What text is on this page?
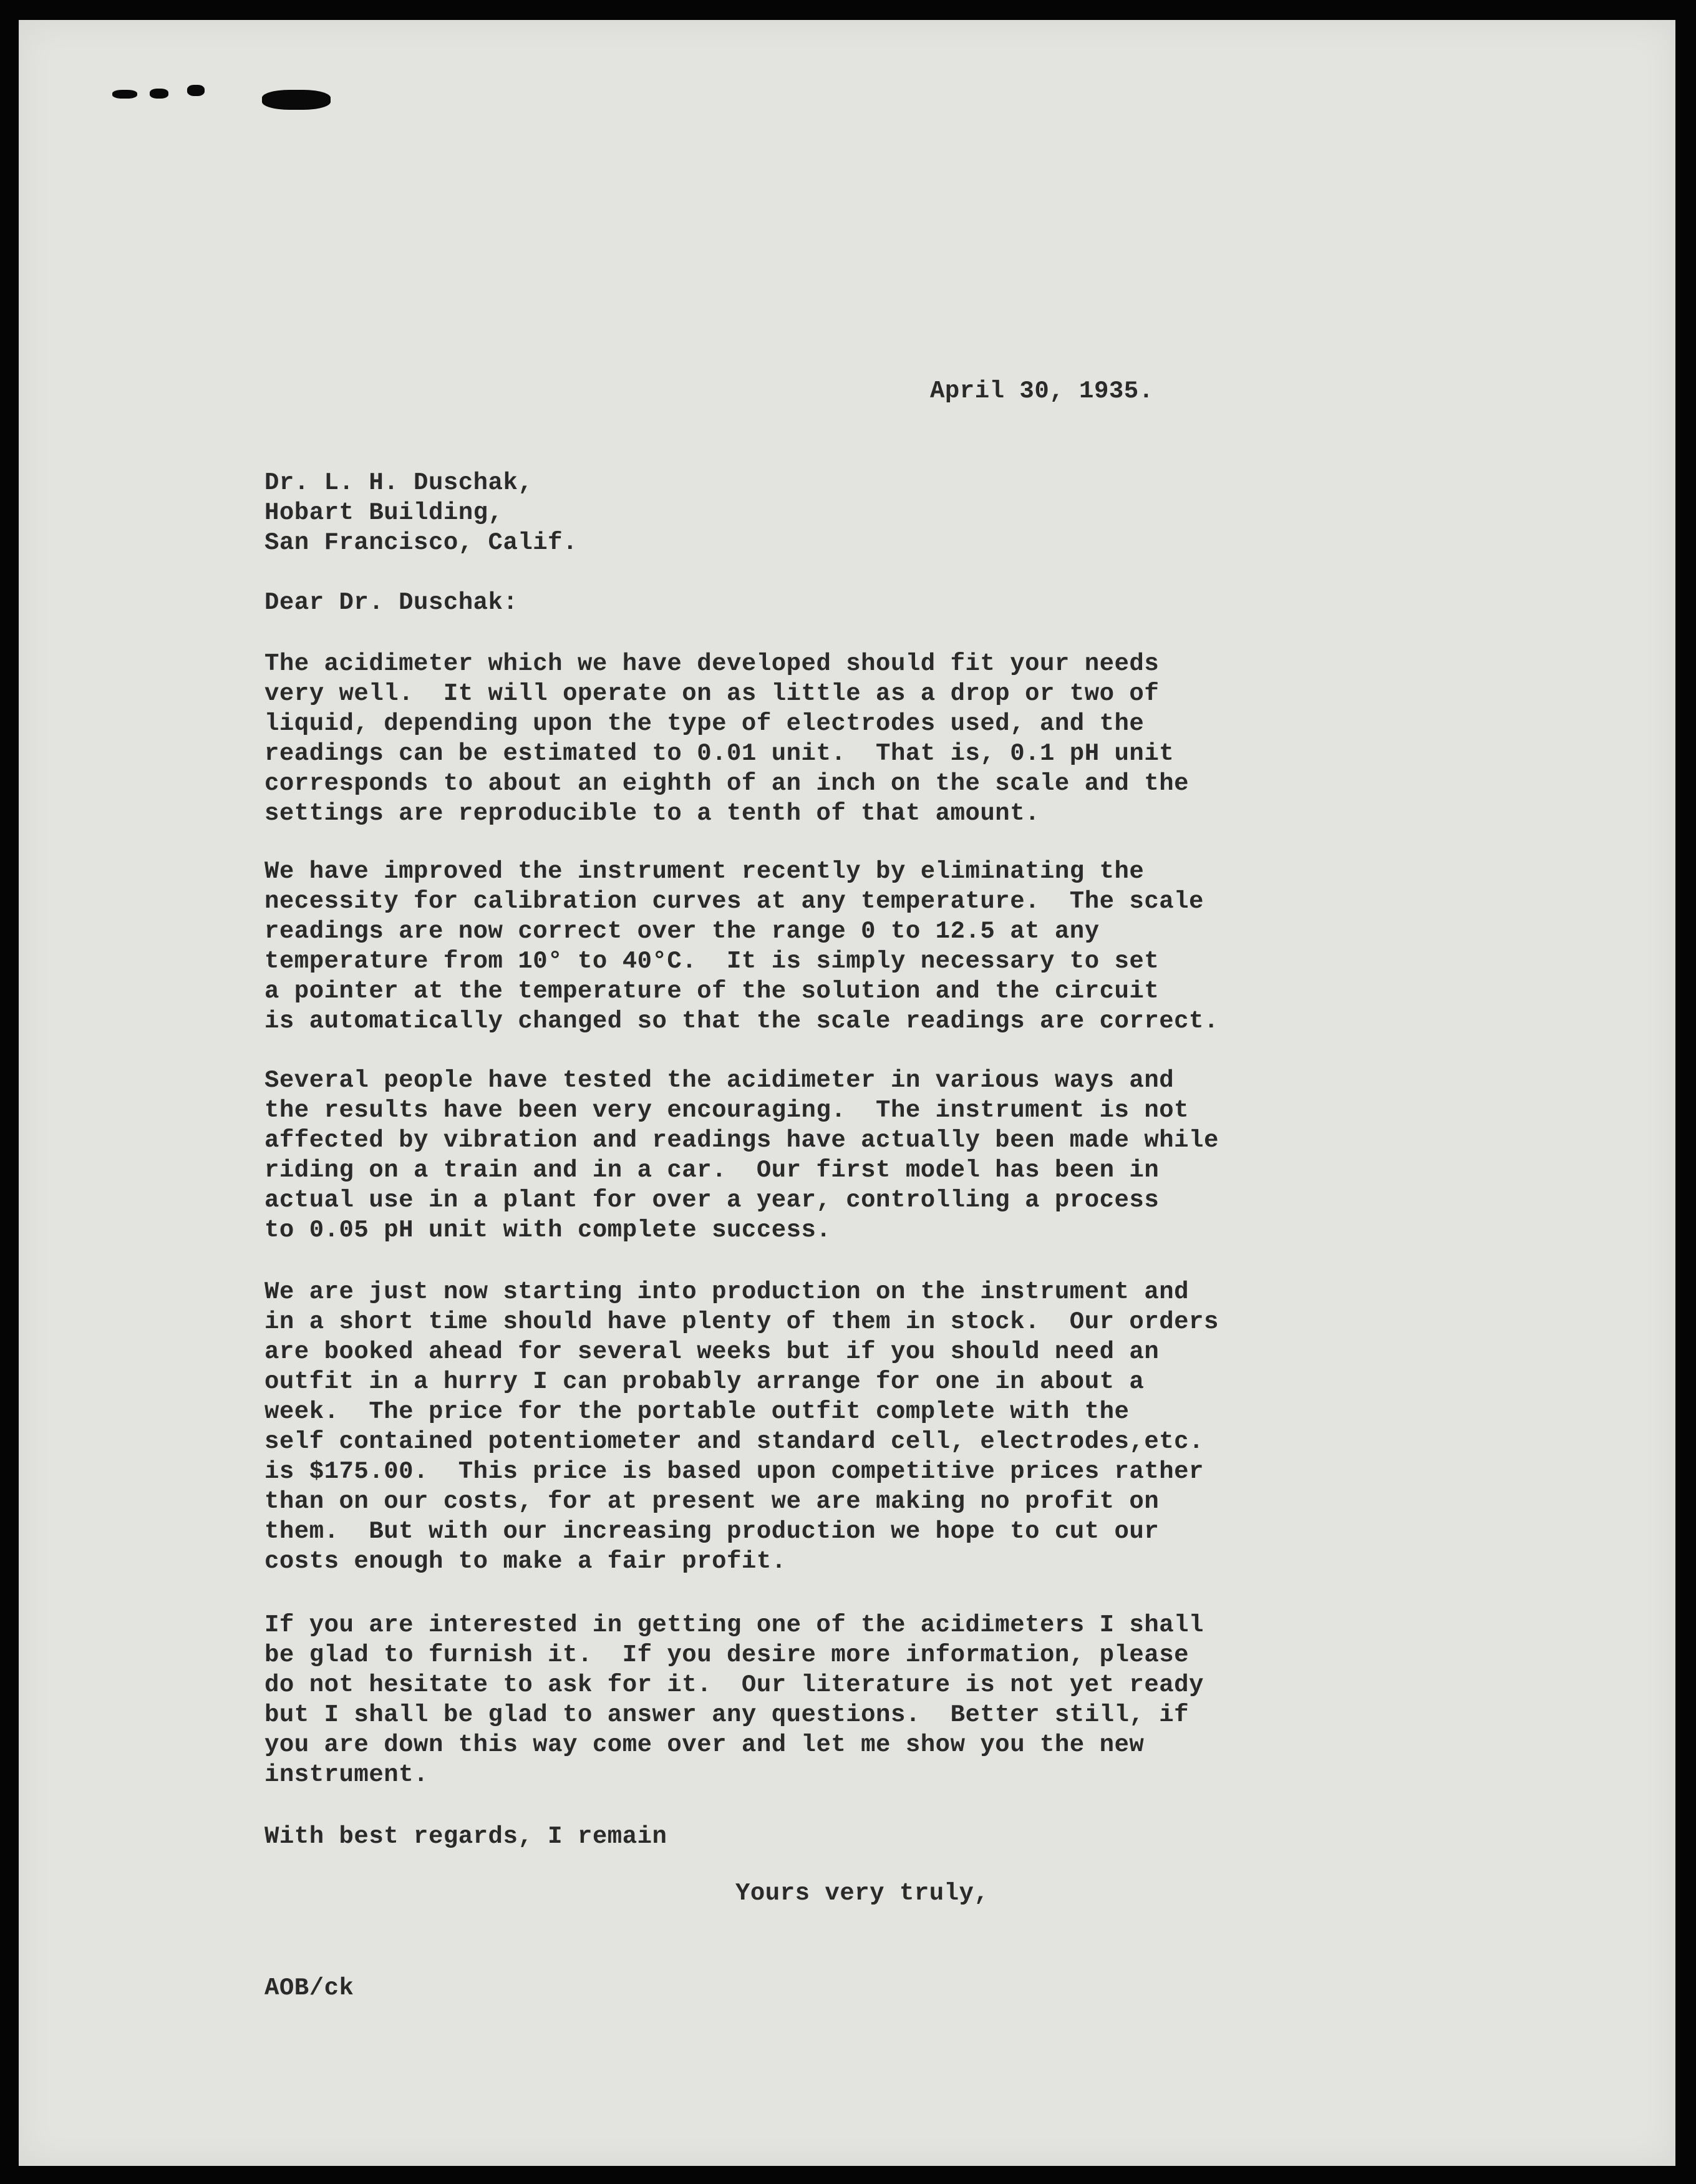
April 30, 1935.
Dr. L. H. Duschak,
Hobart Building,
San Francisco, Calif.
Dear Dr. Duschak:
The acidimeter which we have developed should fit your needs
very well.  It will operate on as little as a drop or two of
liquid, depending upon the type of electrodes used, and the
readings can be estimated to 0.01 unit.  That is, 0.1 pH unit
corresponds to about an eighth of an inch on the scale and the
settings are reproducible to a tenth of that amount.
We have improved the instrument recently by eliminating the
necessity for calibration curves at any temperature.  The scale
readings are now correct over the range 0 to 12.5 at any
temperature from 10° to 40°C.  It is simply necessary to set
a pointer at the temperature of the solution and the circuit
is automatically changed so that the scale readings are correct.
Several people have tested the acidimeter in various ways and
the results have been very encouraging.  The instrument is not
affected by vibration and readings have actually been made while
riding on a train and in a car.  Our first model has been in
actual use in a plant for over a year, controlling a process
to 0.05 pH unit with complete success.
We are just now starting into production on the instrument and
in a short time should have plenty of them in stock.  Our orders
are booked ahead for several weeks but if you should need an
outfit in a hurry I can probably arrange for one in about a
week.  The price for the portable outfit complete with the
self contained potentiometer and standard cell, electrodes,etc.
is $175.00.  This price is based upon competitive prices rather
than on our costs, for at present we are making no profit on
them.  But with our increasing production we hope to cut our
costs enough to make a fair profit.
If you are interested in getting one of the acidimeters I shall
be glad to furnish it.  If you desire more information, please
do not hesitate to ask for it.  Our literature is not yet ready
but I shall be glad to answer any questions.  Better still, if
you are down this way come over and let me show you the new
instrument.
With best regards, I remain
Yours very truly,
AOB/ck
